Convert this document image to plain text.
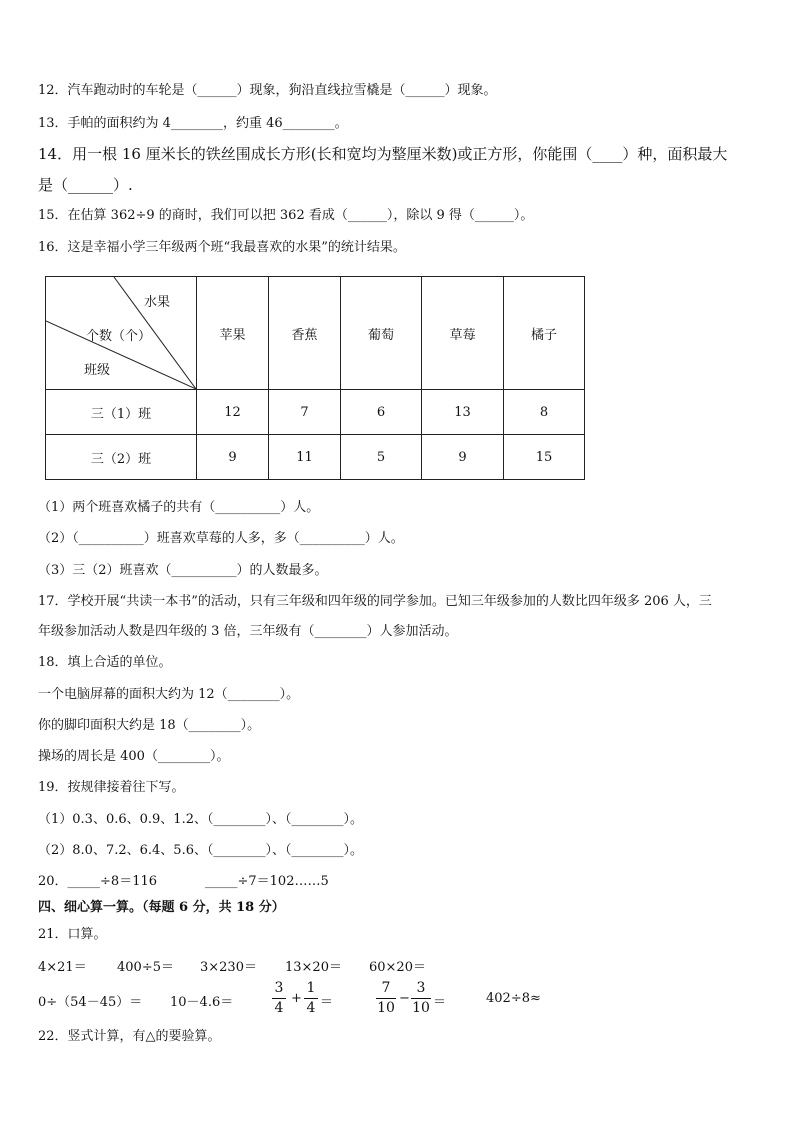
12．汽车跑动时的车轮是（______）现象，狗沿直线拉雪橇是（______）现象。
13．手帕的面积约为 4________，约重 46________。
14．用一根 16 厘米长的铁丝围成长方形(长和宽均为整厘米数)或正方形，你能围（____）种，面积最大
是（______）.
15．在估算 362÷9 的商时，我们可以把 362 看成（______），除以 9 得（______）。
16．这是幸福小学三年级两个班“我最喜欢的水果”的统计结果。
水果
个数（个）
班级	苹果	香蕉	葡萄	草莓	橘子
三（1）班	12	7	6	13	8
三（2）班	9	11	5	9	15
（1）两个班喜欢橘子的共有（__________）人。
（2）（__________）班喜欢草莓的人多，多（__________）人。
（3）三（2）班喜欢（__________）的人数最多。
17．学校开展“共读一本书”的活动，只有三年级和四年级的同学参加。已知三年级参加的人数比四年级多 206 人，三
年级参加活动人数是四年级的 3 倍，三年级有（________）人参加活动。
18．填上合适的单位。
一个电脑屏幕的面积大约为 12（________）。
你的脚印面积大约是 18（________）。
操场的周长是 400（________）。
19．按规律接着往下写。
（1）0.3、0.6、0.9、1.2、（________）、（________）。
（2）8.0、7.2、6.4、5.6、（________）、（________）。
20．_____÷8＝116	_____÷7＝102……5
四、细心算一算。（每题 6 分，共 18 分）
21．口算。
4×21＝ 400÷5＝ 3×230＝ 13×20＝ 60×20＝
0÷（54－45）＝ 10－4.6＝
3
4
+
1
4 ＝
7
10
−
3
10 ＝	402÷8≈
22．竖式计算，有△的要验算。
